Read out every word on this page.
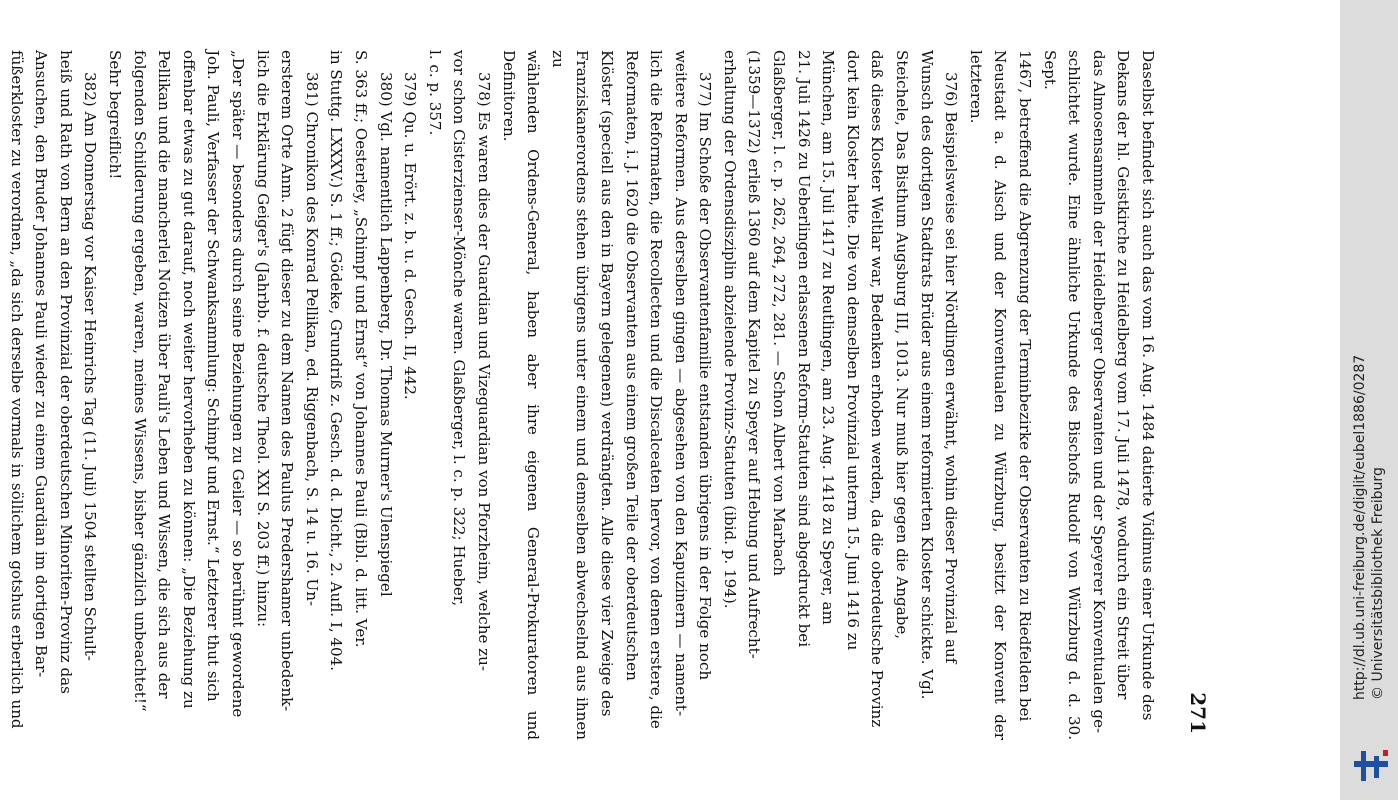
271

Daselbst befindet sich auch das vom 16. Aug. 1484 datierte Vidimus einer Urkunde des

Dekans der hl. Geistkirche zu Heidelberg vom 17. Juli 1478, wodurch ein Streit über

das Almosensammeln der Heidelberger Observanten und der Speyerer Konventualen ge-

schlichtet wurde. Eine ähnliche Urkunde des Bischofs Rudolf von Würzburg d. d. 30. Sept.

1467, betreffend die Abgrenzung der Terminbezirke der Observanten zu Riedfelden bei

Neustadt a. d. Aisch und der Konventualen zu Würzburg, besitzt der Konvent der letzteren.

376) Beispielsweise sei hier Nördlingen erwähnt, wohin dieser Provinzial auf

Wunsch des dortigen Stadtrats Brüder aus einem reformierten Kloster schickte. Vgl.

Steichele, Das Bisthum Augsburg III, 1013. Nur muß hier gegen die Angabe,

daß dieses Kloster Weltlar war, Bedenken erhoben werden, da die oberdeutsche Provinz

dort kein Kloster hatte. Die von demselben Provinzial unterm 15. Juni 1416 zu

München, am 15. Juli 1417 zu Reutlingen, am 23. Aug. 1418 zu Speyer, am

21. Juli 1426 zu Ueberlingen erlassenen Reform-Statuten sind abgedruckt bei

Glaßberger, l. c. p. 262, 264, 272, 281. — Schon Albert von Marbach

(1359—1372) erließ 1360 auf dem Kapitel zu Speyer auf Hebung und Aufrecht-

erhaltung der Ordensdisziplin abzielende Provinz-Statuten (ibid. p. 194).

377) Im Schoße der Observantenfamilie entstanden übrigens in der Folge noch

weitere Reformen. Aus derselben gingen — abgesehen von den Kapuzinern — nament-

lich die Reformaten, die Recollecten und die Discalceaten hervor, von denen erstere, die

Reformaten, i. J. 1620 die Observanten aus einem großen Teile der oberdeutschen

Klöster (speciell aus den in Bayern gelegenen) verdrängten. Alle diese vier Zweige des

Franziskanerordens stehen übrigens unter einem und demselben abwechselnd aus ihnen zu

wählenden Ordens-General, haben aber ihre eigenen General-Prokuratoren und Definitoren.

378) Es waren dies der Guardian und Vizeguardian von Pforzheim, welche zu-

vor schon Cisterzienser-Mönche waren. Glaßberger, l. c. p. 322; Hueber,

l. c. p. 357.

379) Qu. u. Erört. z. b. u. d. Gesch. II, 442.

380) Vgl. namentlich Lappenberg, Dr. Thomas Murner's Ulenspiegel

S. 363 ff.; Oesterley, „Schimpf und Ernst“ von Johannes Pauli (Bibl. d. litt. Ver.

in Stuttg. LXXXV.) S. 1 ff.; Gödeke, Grundriß z. Gesch. d. d. Dicht., 2. Aufl. I, 404.

381) Chronikon des Konrad Pellikan, ed. Riggenbach, S. 14 u. 16. Un-

ersterem Orte Anm. 2 fügt dieser zu dem Namen des Paulus Predershamer unbedenk-

lich die Erklärung Geiger's (Jahrbb. f. deutsche Theol. XXI S. 203 ff.) hinzu:

„Der später — besonders durch seine Beziehungen zu Geiler — so berühmt gewordene

Joh. Pauli, Verfasser der Schwanksammlung: Schimpf und Ernst.“ Letzterer thut sich

offenbar etwas zu gut darauf, noch weiter hervorheben zu können: „Die Beziehung zu

Pellikan und die mancherlei Notizen über Pauli's Leben und Wissen, die sich aus der

folgenden Schilderung ergeben, waren, meines Wissens, bisher gänzlich unbeachtet!“

Sehr begreiflich!

382) Am Donnerstag vor Kaiser Heinrichs Tag (11. Juli) 1504 stellten Schult-

heiß und Rath von Bern an den Provinzial der oberdeutschen Minoriten-Provinz das

Ansuchen, den Bruder Johannes Pauli wieder zu einem Guardian im dortigen Bar-

füßerkloster zu verordnen, „da sich derselbe vormals in söllichem gotshus erberlich und	http://dl.ub.uni-freiburg.de/diglit/eubel1886/0287 © Universitätsbibliothek Freiburg
